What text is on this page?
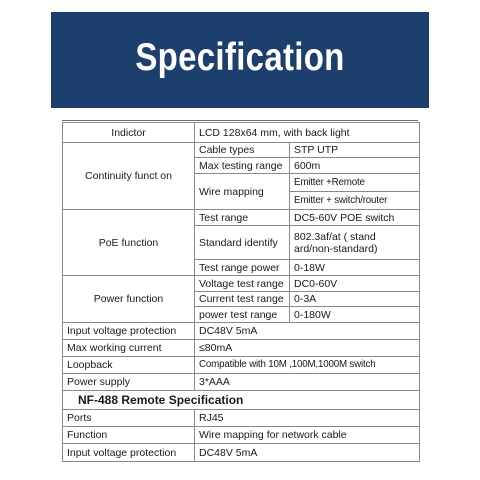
Specification
Indictor	LCD 128x64 mm, with back light	
Continuity funct on	Cable types	STP UTP
	Max testing range	600m
	Wire mapping	Emitter +Remote
		Emitter + switch/router
PoE function	Test range	DC5-60V POE switch
	Standard identify	802.3af/at ( stand ard/non-standard)
	Test range power	0-18W
Power function	Voltage test range	DC0-60V
	Current test range	0-3A
	power test range	0-180W
Input voltage protection	DC48V 5mA	
Max working current	≤80mA	
Loopback	Compatible with 10M ,100M,1000M switch	
Power supply	3*AAA	
NF-488 Remote Specification		
Ports	RJ45	
Function	Wire mapping for network cable	
Input voltage protection	DC48V 5mA	
